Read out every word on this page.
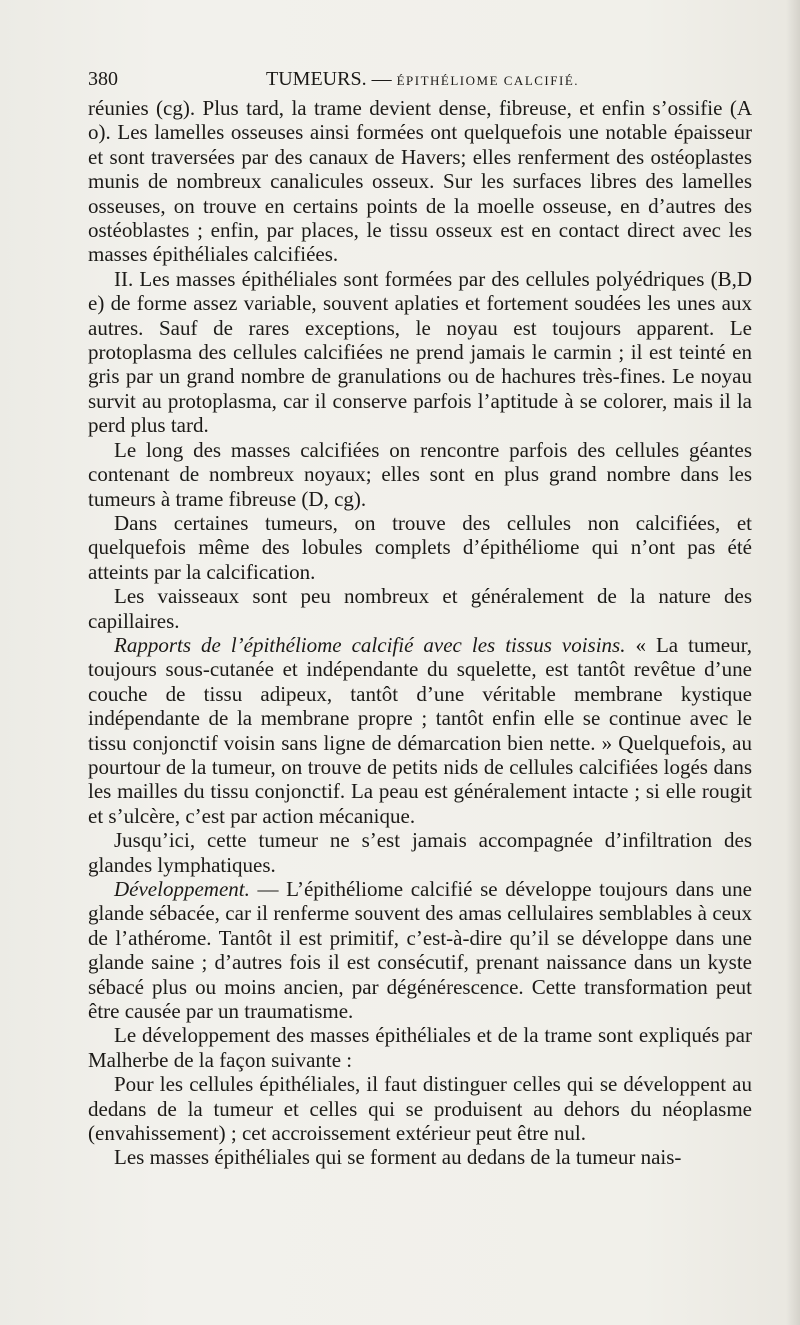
380	TUMEURS. — ÉPITHÉLIOME CALCIFIÉ.

réunies (cg). Plus tard, la trame devient dense, fibreuse, et enfin s’ossifie (A o). Les lamelles osseuses ainsi formées ont quelquefois une notable épaisseur et sont traversées par des canaux de Havers; elles renferment des ostéoplastes munis de nombreux canalicules osseux. Sur les surfaces libres des lamelles osseuses, on trouve en certains points de la moelle osseuse, en d’autres des ostéoblastes ; enfin, par places, le tissu osseux est en contact direct avec les masses épithéliales calcifiées.

II. Les masses épithéliales sont formées par des cellules polyédriques (B,D e) de forme assez variable, souvent aplaties et fortement soudées les unes aux autres. Sauf de rares exceptions, le noyau est toujours apparent. Le protoplasma des cellules calcifiées ne prend jamais le carmin ; il est teinté en gris par un grand nombre de granulations ou de hachures très-fines. Le noyau survit au protoplasma, car il conserve parfois l’aptitude à se colorer, mais il la perd plus tard.

Le long des masses calcifiées on rencontre parfois des cellules géantes contenant de nombreux noyaux; elles sont en plus grand nombre dans les tumeurs à trame fibreuse (D, cg).

Dans certaines tumeurs, on trouve des cellules non calcifiées, et quelquefois même des lobules complets d’épithéliome qui n’ont pas été atteints par la calcification.

Les vaisseaux sont peu nombreux et généralement de la nature des capillaires.

Rapports de l’épithéliome calcifié avec les tissus voisins. « La tumeur, toujours sous-cutanée et indépendante du squelette, est tantôt revêtue d’une couche de tissu adipeux, tantôt d’une véritable membrane kystique indépendante de la membrane propre ; tantôt enfin elle se continue avec le tissu conjonctif voisin sans ligne de démarcation bien nette. » Quelquefois, au pourtour de la tumeur, on trouve de petits nids de cellules calcifiées logés dans les mailles du tissu conjonctif. La peau est généralement intacte ; si elle rougit et s’ulcère, c’est par action mécanique.

Jusqu’ici, cette tumeur ne s’est jamais accompagnée d’infiltration des glandes lymphatiques.

Développement. — L’épithéliome calcifié se développe toujours dans une glande sébacée, car il renferme souvent des amas cellulaires semblables à ceux de l’athérome. Tantôt il est primitif, c’est-à-dire qu’il se développe dans une glande saine ; d’autres fois il est consécutif, prenant naissance dans un kyste sébacé plus ou moins ancien, par dégénérescence. Cette transformation peut être causée par un traumatisme.

Le développement des masses épithéliales et de la trame sont expliqués par Malherbe de la façon suivante :

Pour les cellules épithéliales, il faut distinguer celles qui se développent au dedans de la tumeur et celles qui se produisent au dehors du néoplasme (envahissement) ; cet accroissement extérieur peut être nul.

Les masses épithéliales qui se forment au dedans de la tumeur nais-
